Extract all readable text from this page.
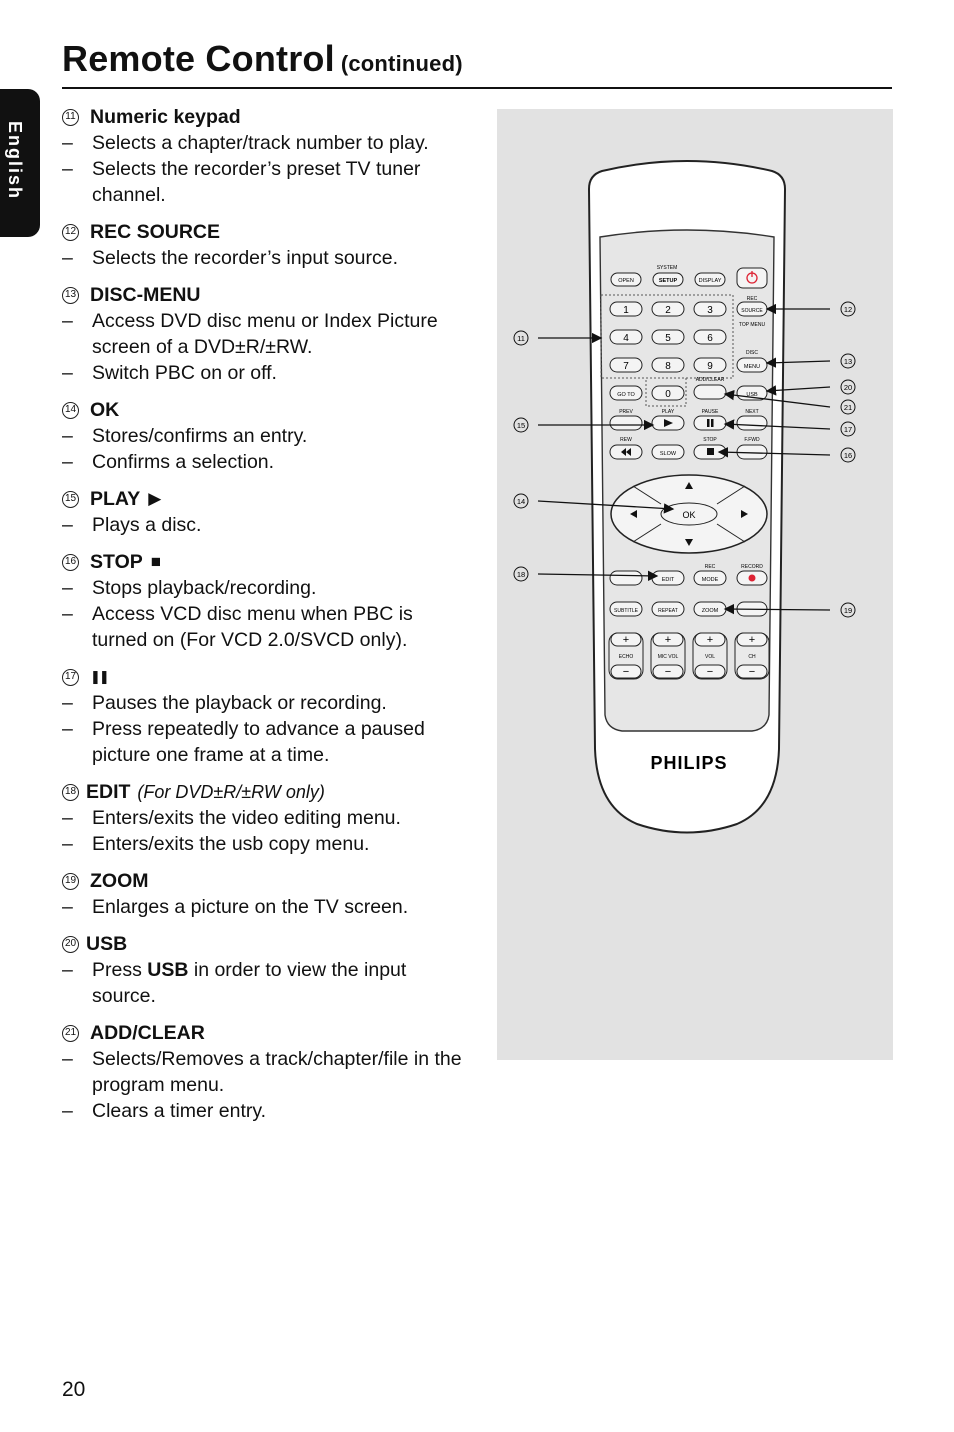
Remote Control (continued)
English
11 Numeric keypad
– Selects a chapter/track number to play.
– Selects the recorder’s preset TV tuner channel.
12 REC SOURCE
– Selects the recorder’s input source.
13 DISC-MENU
– Access DVD disc menu or Index Picture screen of a DVD±R/±RW.
– Switch PBC on or off.
14 OK
– Stores/confirms an entry.
– Confirms a selection.
15 PLAY ▶
– Plays a disc.
16 STOP ■
– Stops playback/recording.
– Access VCD disc menu when PBC is turned on (For VCD 2.0/SVCD only).
17 ❚❚
– Pauses the playback or recording.
– Press repeatedly to advance a paused picture one frame at a time.
18 EDIT (For DVD±R/±RW only)
– Enters/exits the video editing menu.
– Enters/exits the usb copy menu.
19 ZOOM
– Enlarges a picture on the TV screen.
20 USB
– Press USB in order to view the input source.
21 ADD/CLEAR
– Selects/Removes a track/chapter/file in the program menu.
– Clears a timer entry.
SYSTEM
OPEN	SETUP	DISPLAY
1	2	3
4	5	6
7	8	9
GO TO	0
REC
SOURCE
TOP MENU
DISC
MENU
ADD/CLEAR
USB
PREV	PLAY	PAUSE	NEXT
REW	STOP	F.FWD
SLOW
OK
REC	RECORD
EDIT	MODE
SUBTITLE	REPEAT	ZOOM
+
ECHO
−
+
MIC VOL
−
+
VOL
−
+
CH
−
PHILIPS
11
15
14
18
12
13
20
21
17
16
19
20
